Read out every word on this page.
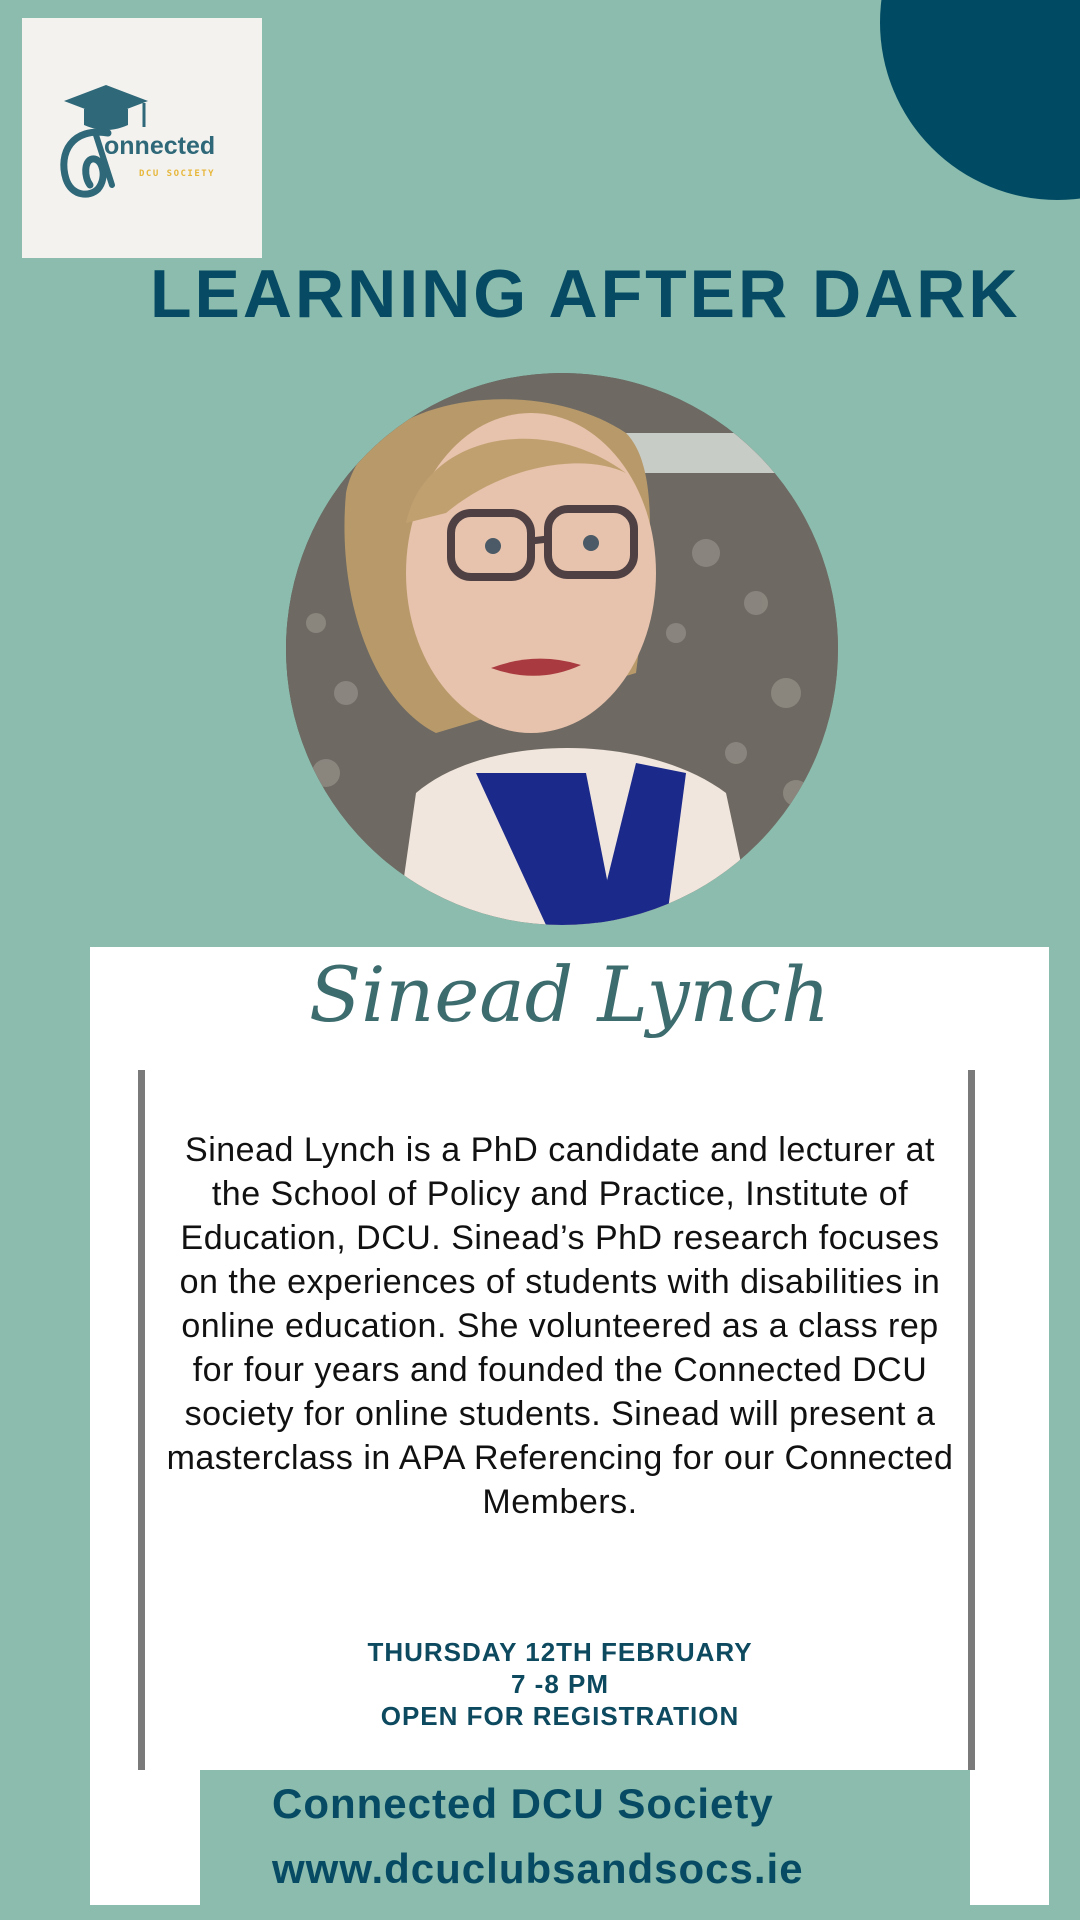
onnected
DCU SOCIETY
LEARNING AFTER DARK
Sinead Lynch

Sinead Lynch is a PhD candidate and lecturer at the School of Policy and Practice, Institute of Education, DCU. Sinead’s PhD research focuses on the experiences of students with disabilities in online education. She volunteered as a class rep for four years and founded the Connected DCU society for online students. Sinead will present a masterclass in APA Referencing for our Connected Members.

THURSDAY 12TH FEBRUARY
7 -8 PM
OPEN FOR REGISTRATION
Connected DCU Society
www.dcuclubsandsocs.ie
